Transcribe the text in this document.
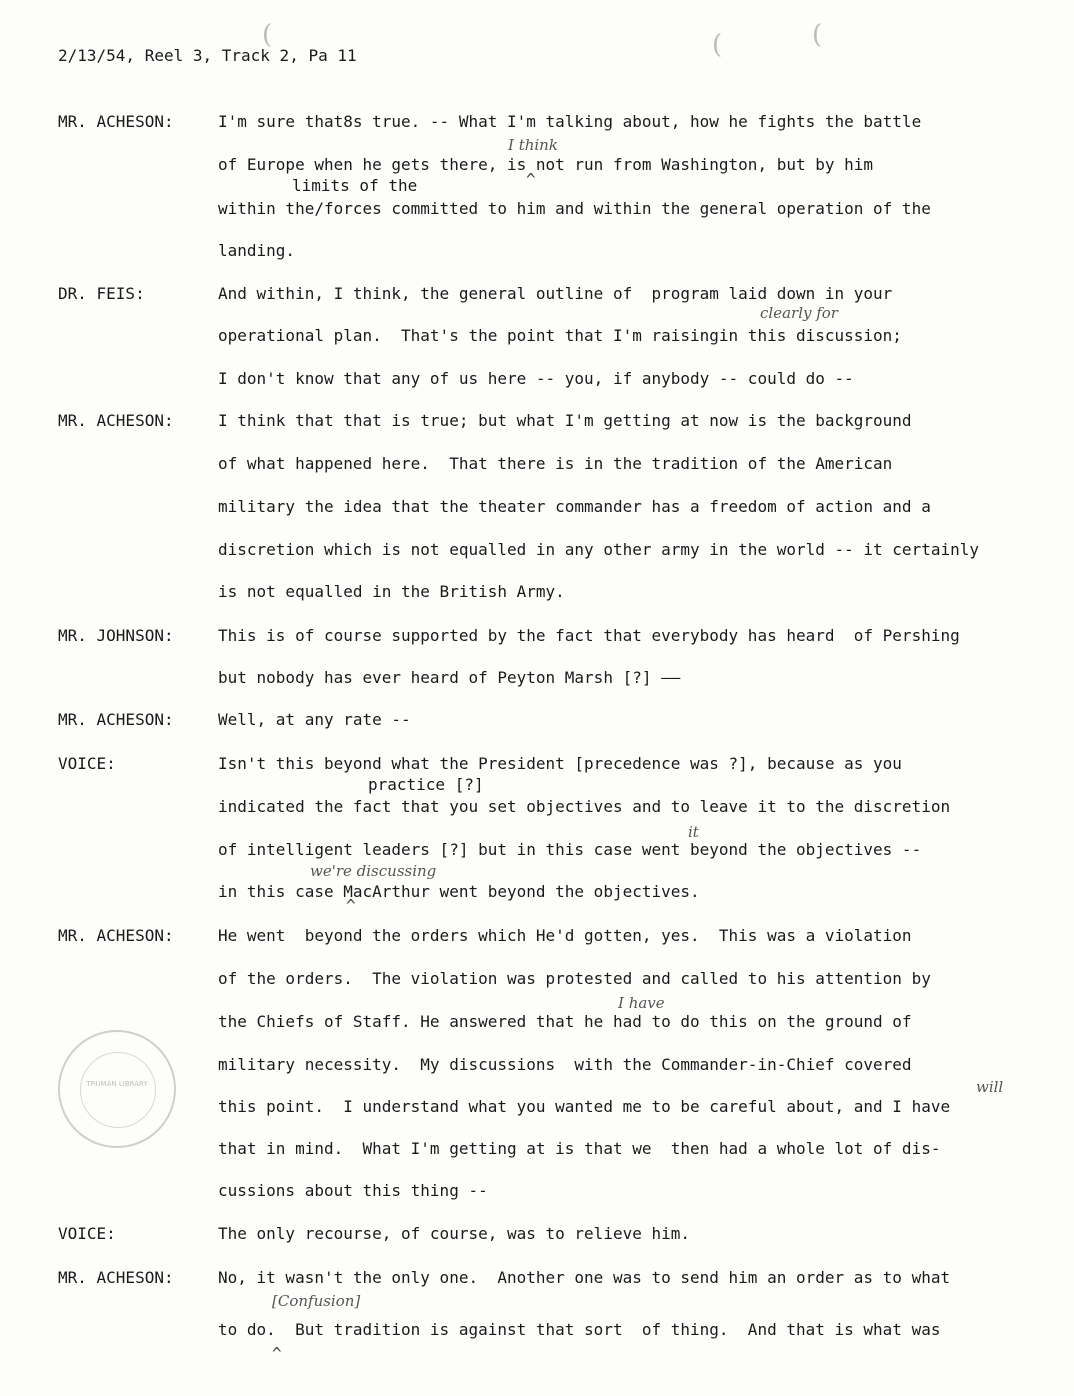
2/13/54, Reel 3, Track 2, Pa 11
MR. ACHESON:	I'm sure that8s true. -- What I'm talking about, how he fights the battle
I think
of Europe when he gets there, is not run from Washington, but by him
^
limits of the
within the/forces committed to him and within the general operation of the
landing.
DR. FEIS:	And within, I think, the general outline of  program laid down in your
clearly for
operational plan.  That's the point that I'm raisingin this discussion;
I don't know that any of us here -- you, if anybody -- could do --
MR. ACHESON:	I think that that is true; but what I'm getting at now is the background
of what happened here.  That there is in the tradition of the American
military the idea that the theater commander has a freedom of action and a
discretion which is not equalled in any other army in the world -- it certainly
is not equalled in the British Army.
MR. JOHNSON:	This is of course supported by the fact that everybody has heard  of Pershing
but nobody has ever heard of Peyton Marsh [?] ——
MR. ACHESON:	Well, at any rate --
VOICE:	Isn't this beyond what the President [precedence was ?], because as you
practice [?]
indicated the fact that you set objectives and to leave it to the discretion
it
of intelligent leaders [?] but in this case went beyond the objectives --
we're discussing
in this case MacArthur went beyond the objectives.
^
MR. ACHESON:	He went  beyond the orders which He'd gotten, yes.  This was a violation
of the orders.  The violation was protested and called to his attention by
I have
the Chiefs of Staff. He answered that he had to do this on the ground of
military necessity.  My discussions  with the Commander-in-Chief covered
will
this point.  I understand what you wanted me to be careful about, and I have
that in mind.  What I'm getting at is that we  then had a whole lot of dis-
cussions about this thing --
VOICE:	The only recourse, of course, was to relieve him.
MR. ACHESON:	No, it wasn't the only one.  Another one was to send him an order as to what
[Confusion]
to do.  But tradition is against that sort  of thing.  And that is what was
^
TRUMAN LIBRARY
(	(	(
